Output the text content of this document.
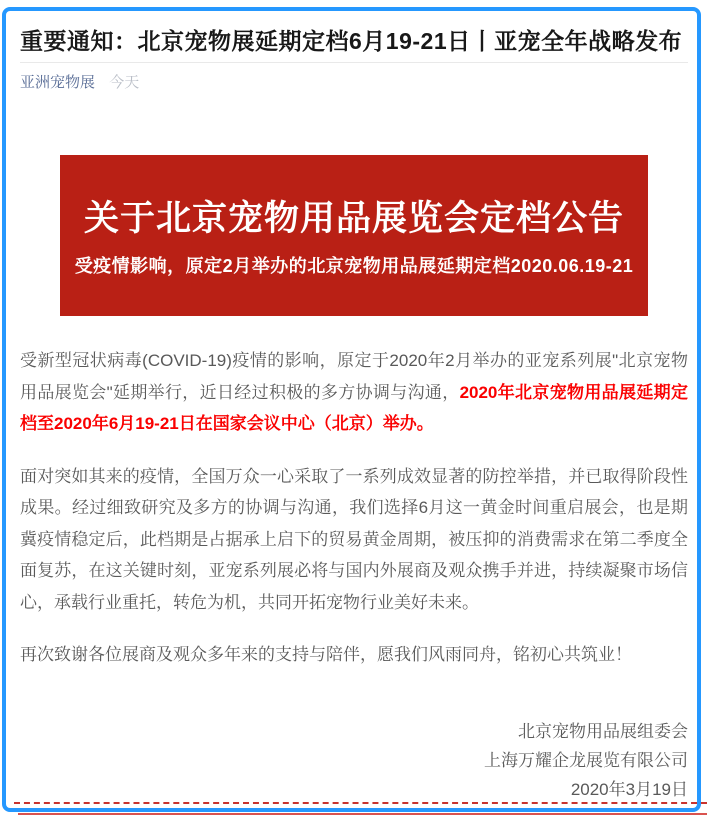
重要通知：北京宠物展延期定档6月19-21日丨亚宠全年战略发布
亚洲宠物展 今天
关于北京宠物用品展览会定档公告
受疫情影响，原定2月举办的北京宠物用品展延期定档2020.06.19-21

受新型冠状病毒(COVID-19)疫情的影响，原定于2020年2月举办的亚宠系列展"北京宠物用品展览会"延期举行，近日经过积极的多方协调与沟通，2020年北京宠物用品展延期定档至2020年6月19-21日在国家会议中心（北京）举办。

面对突如其来的疫情，全国万众一心采取了一系列成效显著的防控举措，并已取得阶段性成果。经过细致研究及多方的协调与沟通，我们选择6月这一黄金时间重启展会，也是期冀疫情稳定后，此档期是占据承上启下的贸易黄金周期，被压抑的消费需求在第二季度全面复苏，在这关键时刻，亚宠系列展必将与国内外展商及观众携手并进，持续凝聚市场信心，承载行业重托，转危为机，共同开拓宠物行业美好未来。

再次致谢各位展商及观众多年来的支持与陪伴，愿我们风雨同舟，铭初心共筑业！

北京宠物用品展组委会
上海万耀企龙展览有限公司
2020年3月19日
